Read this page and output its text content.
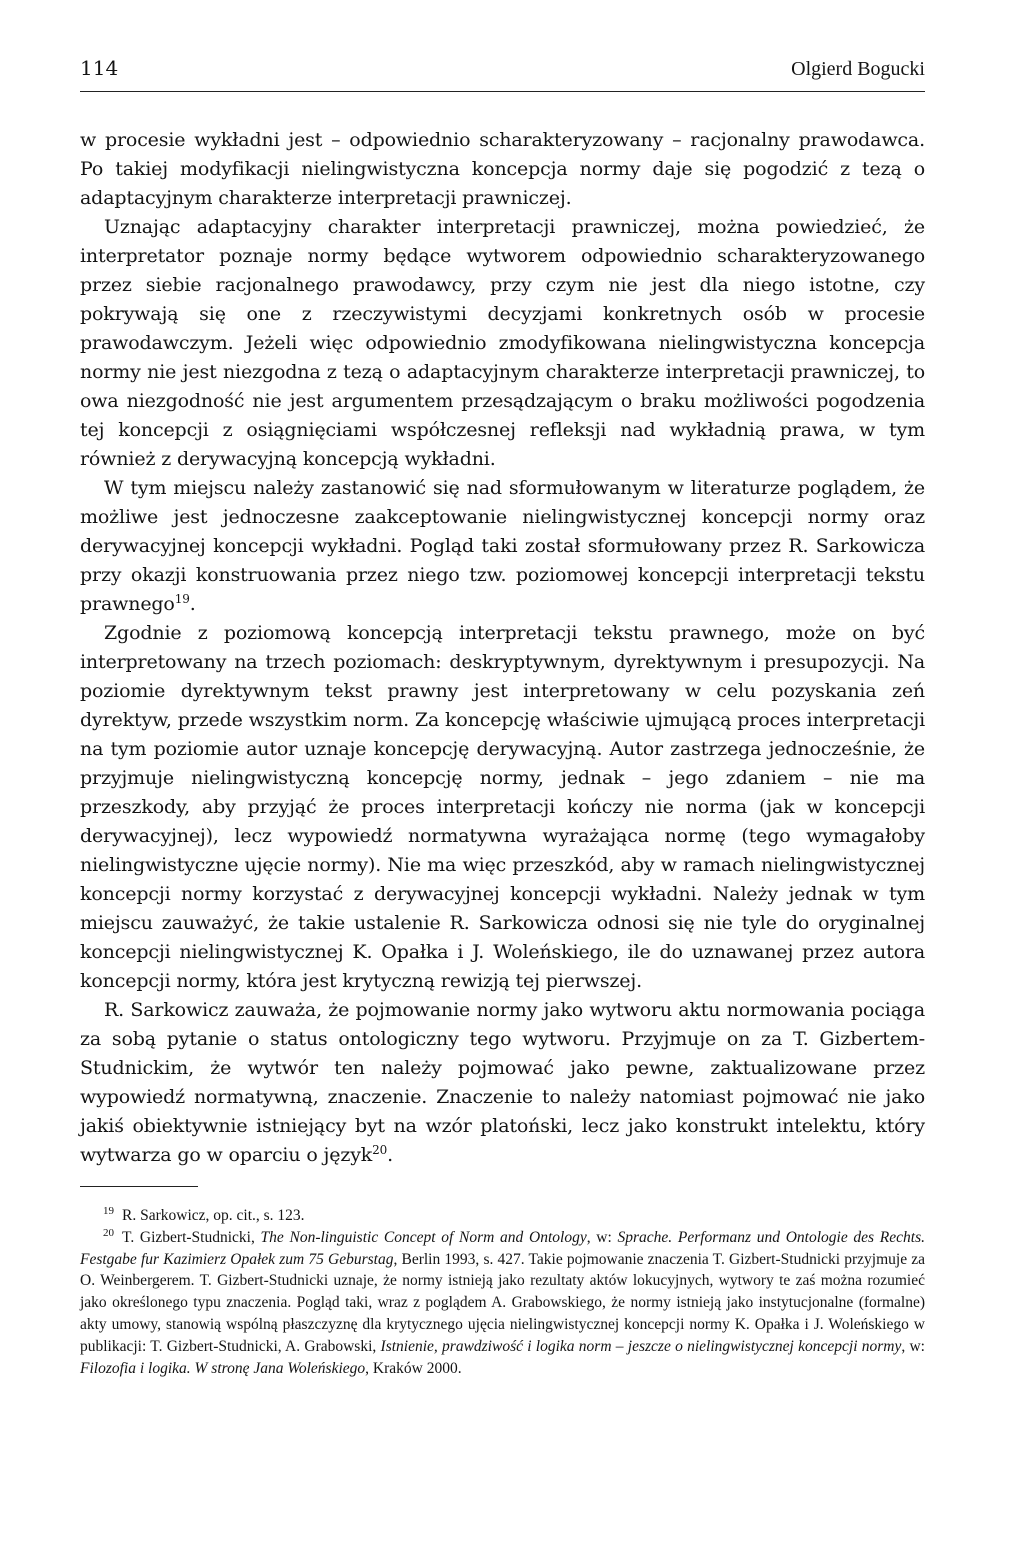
114	Olgierd Bogucki

w procesie wykładni jest – odpowiednio scharakteryzowany – racjonalny prawodawca. Po takiej modyfikacji nielingwistyczna koncepcja normy daje się pogodzić z tezą o adaptacyjnym charakterze interpretacji prawniczej.

Uznając adaptacyjny charakter interpretacji prawniczej, można powiedzieć, że interpretator poznaje normy będące wytworem odpowiednio scharakteryzowanego przez siebie racjonalnego prawodawcy, przy czym nie jest dla niego istotne, czy pokrywają się one z rzeczywistymi decyzjami konkretnych osób w procesie prawodawczym. Jeżeli więc odpowiednio zmodyfikowana nielingwistyczna koncepcja normy nie jest niezgodna z tezą o adaptacyjnym charakterze interpretacji prawniczej, to owa niezgodność nie jest argumentem przesądzającym o braku możliwości pogodzenia tej koncepcji z osiągnięciami współczesnej refleksji nad wykładnią prawa, w tym również z derywacyjną koncepcją wykładni.

W tym miejscu należy zastanowić się nad sformułowanym w literaturze poglądem, że możliwe jest jednoczesne zaakceptowanie nielingwistycznej koncepcji normy oraz derywacyjnej koncepcji wykładni. Pogląd taki został sformułowany przez R. Sarkowicza przy okazji konstruowania przez niego tzw. poziomowej koncepcji interpretacji tekstu prawnego$^{19}$.

Zgodnie z poziomową koncepcją interpretacji tekstu prawnego, może on być interpretowany na trzech poziomach: deskryptywnym, dyrektywnym i presupozycji. Na poziomie dyrektywnym tekst prawny jest interpretowany w celu pozyskania zeń dyrektyw, przede wszystkim norm. Za koncepcję właściwie ujmującą proces interpretacji na tym poziomie autor uznaje koncepcję derywacyjną. Autor zastrzega jednocześnie, że przyjmuje nielingwistyczną koncepcję normy, jednak – jego zdaniem – nie ma przeszkody, aby przyjąć że proces interpretacji kończy nie norma (jak w koncepcji derywacyjnej), lecz wypowiedź normatywna wyrażająca normę (tego wymagałoby nielingwistyczne ujęcie normy). Nie ma więc przeszkód, aby w ramach nielingwistycznej koncepcji normy korzystać z derywacyjnej koncepcji wykładni. Należy jednak w tym miejscu zauważyć, że takie ustalenie R. Sarkowicza odnosi się nie tyle do oryginalnej koncepcji nielingwistycznej K. Opałka i J. Woleńskiego, ile do uznawanej przez autora koncepcji normy, która jest krytyczną rewizją tej pierwszej.

R. Sarkowicz zauważa, że pojmowanie normy jako wytworu aktu normowania pociąga za sobą pytanie o status ontologiczny tego wytworu. Przyjmuje on za T. Gizbertem-Studnickim, że wytwór ten należy pojmować jako pewne, zaktualizowane przez wypowiedź normatywną, znaczenie. Znaczenie to należy natomiast pojmować nie jako jakiś obiektywnie istniejący byt na wzór platoński, lecz jako konstrukt intelektu, który wytwarza go w oparciu o język$^{20}$.

$^{19}$ R. Sarkowicz, op. cit., s. 123.

$^{20}$ T. Gizbert-Studnicki, The Non-linguistic Concept of Norm and Ontology, w: Sprache. Performanz und Ontologie des Rechts. Festgabe fur Kazimierz Opałek zum 75 Geburstag, Berlin 1993, s. 427. Takie pojmowanie znaczenia T. Gizbert-Studnicki przyjmuje za O. Weinbergerem. T. Gizbert-Studnicki uznaje, że normy istnieją jako rezultaty aktów lokucyjnych, wytwory te zaś można rozumieć jako określonego typu znaczenia. Pogląd taki, wraz z poglądem A. Grabowskiego, że normy istnieją jako instytucjonalne (formalne) akty umowy, stanowią wspólną płaszczyznę dla krytycznego ujęcia nielingwistycznej koncepcji normy K. Opałka i J. Woleńskiego w publikacji: T. Gizbert-Studnicki, A. Grabowski, Istnienie, prawdziwość i logika norm – jeszcze o nielingwistycznej koncepcji normy, w: Filozofia i logika. W stronę Jana Woleńskiego, Kraków 2000.
